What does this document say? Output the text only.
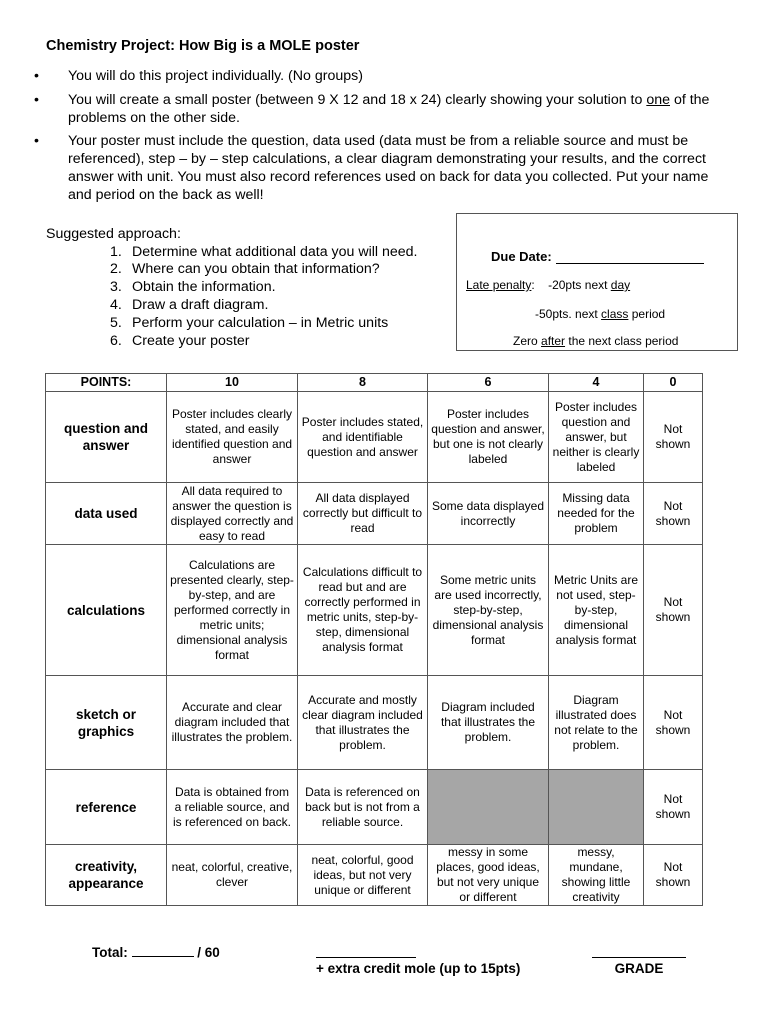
Chemistry Project: How Big is a MOLE poster
• You will do this project individually. (No groups)
• You will create a small poster (between 9 X 12 and 18 x 24) clearly showing your solution to one of the problems on the other side.
• Your poster must include the question, data used (data must be from a reliable source and must be referenced), step – by – step calculations, a clear diagram demonstrating your results, and the correct answer with unit. You must also record references used on back for data you collected. Put your name and period on the back as well!
Suggested approach:
1. Determine what additional data you will need.
2. Where can you obtain that information?
3. Obtain the information.
4. Draw a draft diagram.
5. Perform your calculation – in Metric units
6. Create your poster
Due Date:
Late penalty: -20pts next day
-50pts. next class period
Zero after the next class period
POINTS:	10	8	6	4	0
question and answer	Poster includes clearly stated, and easily identified question and answer	Poster includes stated, and identifiable question and answer	Poster includes question and answer, but one is not clearly labeled	Poster includes question and answer, but neither is clearly labeled	Not shown
data used	All data required to answer the question is displayed correctly and easy to read	All data displayed correctly but difficult to read	Some data displayed incorrectly	Missing data needed for the problem	Not shown
calculations	Calculations are presented clearly, step-by-step, and are performed correctly in metric units; dimensional analysis format	Calculations difficult to read but and are correctly performed in metric units, step-by-step, dimensional analysis format	Some metric units are used incorrectly, step-by-step, dimensional analysis format	Metric Units are not used, step-by-step, dimensional analysis format	Not shown
sketch or graphics	Accurate and clear diagram included that illustrates the problem.	Accurate and mostly clear diagram included that illustrates the problem.	Diagram included that illustrates the problem.	Diagram illustrated does not relate to the problem.	Not shown
reference	Data is obtained from a reliable source, and is referenced on back.	Data is referenced on back but is not from a reliable source.			Not shown
creativity, appearance	neat, colorful, creative, clever	neat, colorful, good ideas, but not very unique or different	messy in some places, good ideas, but not very unique or different	messy, mundane, showing little creativity	Not shown
Total:	/ 60
+ extra credit mole (up to 15pts)	GRADE
